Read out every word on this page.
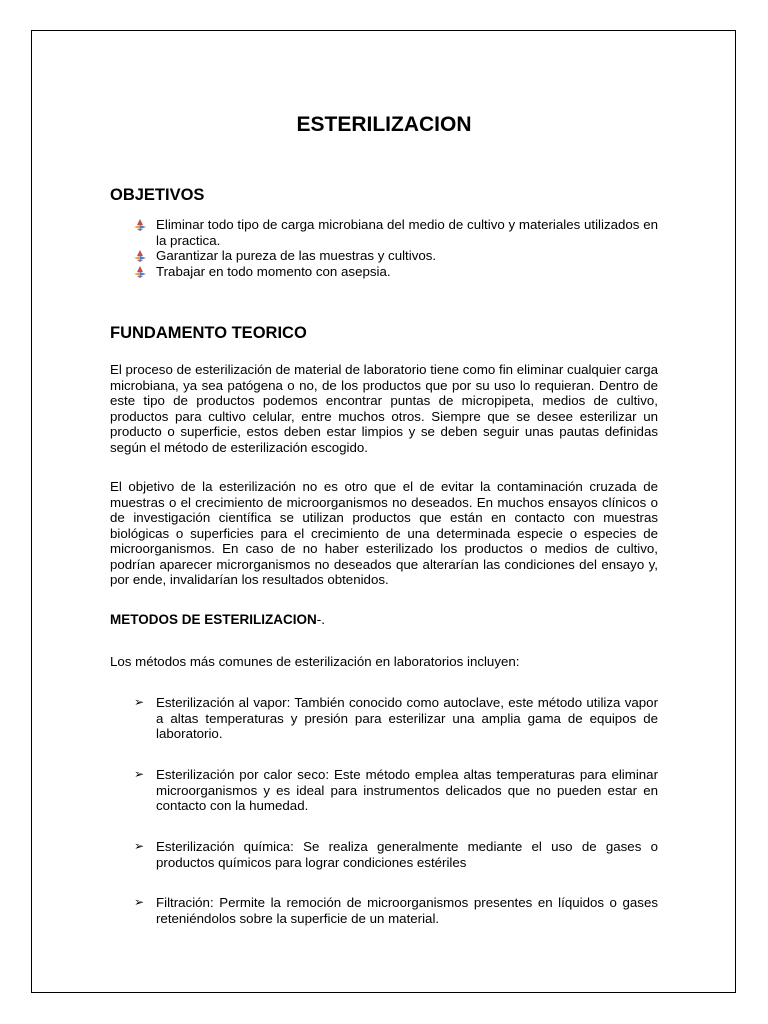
ESTERILIZACION
OBJETIVOS
Eliminar todo tipo de carga microbiana del medio de cultivo y materiales utilizados en la practica.
Garantizar la pureza de las muestras y cultivos.
Trabajar en todo momento con asepsia.
FUNDAMENTO TEORICO

El proceso de esterilización de material de laboratorio tiene como fin eliminar cualquier carga microbiana, ya sea patógena o no, de los productos que por su uso lo requieran. Dentro de este tipo de productos podemos encontrar puntas de micropipeta, medios de cultivo, productos para cultivo celular, entre muchos otros. Siempre que se desee esterilizar un producto o superficie, estos deben estar limpios y se deben seguir unas pautas definidas según el método de esterilización escogido.

El objetivo de la esterilización no es otro que el de evitar la contaminación cruzada de muestras o el crecimiento de microorganismos no deseados. En muchos ensayos clínicos o de investigación científica se utilizan productos que están en contacto con muestras biológicas o superficies para el crecimiento de una determinada especie o especies de microorganismos. En caso de no haber esterilizado los productos o medios de cultivo, podrían aparecer microrganismos no deseados que alterarían las condiciones del ensayo y, por ende, invalidarían los resultados obtenidos.

METODOS DE ESTERILIZACION-.

Los métodos más comunes de esterilización en laboratorios incluyen:

➢ Esterilización al vapor: También conocido como autoclave, este método utiliza vapor a altas temperaturas y presión para esterilizar una amplia gama de equipos de laboratorio.
➢ Esterilización por calor seco: Este método emplea altas temperaturas para eliminar microorganismos y es ideal para instrumentos delicados que no pueden estar en contacto con la humedad.
➢ Esterilización química: Se realiza generalmente mediante el uso de gases o productos químicos para lograr condiciones estériles
➢ Filtración: Permite la remoción de microorganismos presentes en líquidos o gases reteniéndolos sobre la superficie de un material.
